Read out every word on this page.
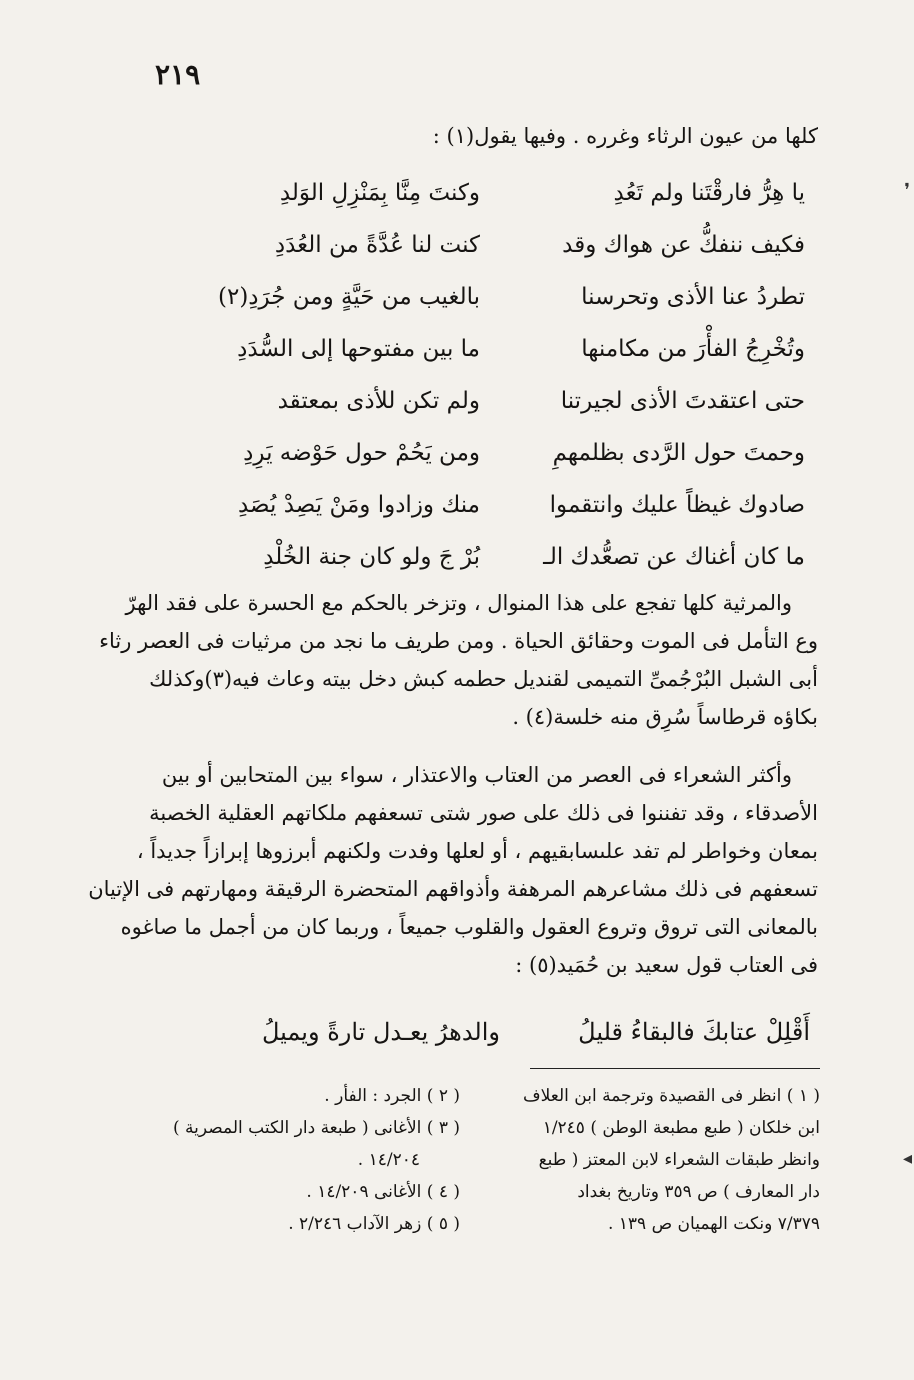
٢١٩
كلها من عيون الرثاء وغرره . وفيها يقول(١) :
يا هِرُّ فارقْتَنا ولم تَعُدِ
وكنتَ مِنَّا بِمَنْزِلِ الوَلدِ
فكيف ننفكُّ عن هواك وقد
كنت لنا عُدَّةً من العُدَدِ
تطردُ عنا الأذى وتحرسنا
بالغيب من حَيَّةٍ ومن جُرَدِ(٢)
وتُخْرِجُ الفأْرَ من مكامنها
ما بين مفتوحها إلى السُّدَدِ
حتى اعتقدتَ الأذى لجيرتنا
ولم تكن للأذى بمعتقد
وحمتَ حول الرَّدى بظلمهمِ
ومن يَحُمْ حول حَوْضه يَرِدِ
صادوك غيظاً عليك وانتقموا
منك وزادوا ومَنْ يَصِدْ يُصَدِ
ما كان أغناك عن تصعُّدك الـ
بُرْ جَ ولو كان جنة الخُلْدِ
والمرثية كلها تفجع على هذا المنوال ، وتزخر بالحكم مع الحسرة على فقد الهرّ
وع التأمل فى الموت وحقائق الحياة . ومن طريف ما نجد من مرثيات فى العصر رثاء
أبى الشبل البُرْجُمىِّ التميمى لقنديل حطمه كبش دخل بيته وعاث فيه(٣)وكذلك
بكاؤه قرطاساً سُرِق منه خلسة(٤) .
وأكثر الشعراء فى العصر من العتاب والاعتذار ، سواء بين المتحابين أو بين
الأصدقاء ، وقد تفننوا فى ذلك على صور شتى تسعفهم ملكاتهم العقلية الخصبة
بمعان وخواطر لم تفد علىسابقيهم ، أو لعلها وفدت ولكنهم أبرزوها إبرازاً جديداً ،
تسعفهم فى ذلك مشاعرهم المرهفة وأذواقهم المتحضرة الرقيقة ومهارتهم فى الإتيان
بالمعانى التى تروق وتروع العقول والقلوب جميعاً ، وربما كان من أجمل ما صاغوه
فى العتاب قول سعيد بن حُمَيد(٥) :
أَقْلِلْ عتابكَ فالبقاءُ قليلُ
والدهرُ يعـدل تارةً ويميلُ
( ١ ) انظر فى القصيدة وترجمة ابن العلاف
ابن خلكان ( طبع مطبعة الوطن ) ١/٢٤٥
وانظر طبقات الشعراء لابن المعتز ( طبع
دار المعارف ) ص ٣٥٩ وتاريخ بغداد
٧/٣٧٩ ونكت الهميان ص ١٣٩ .
( ٢ ) الجرد : الفأر .
( ٣ ) الأغانى ( طبعة دار الكتب المصرية )
١٤/٢٠٤ .
( ٤ ) الأغانى ١٤/٢٠٩ .
( ٥ ) زهر الآداب ٢/٢٤٦ .
❜
◂
